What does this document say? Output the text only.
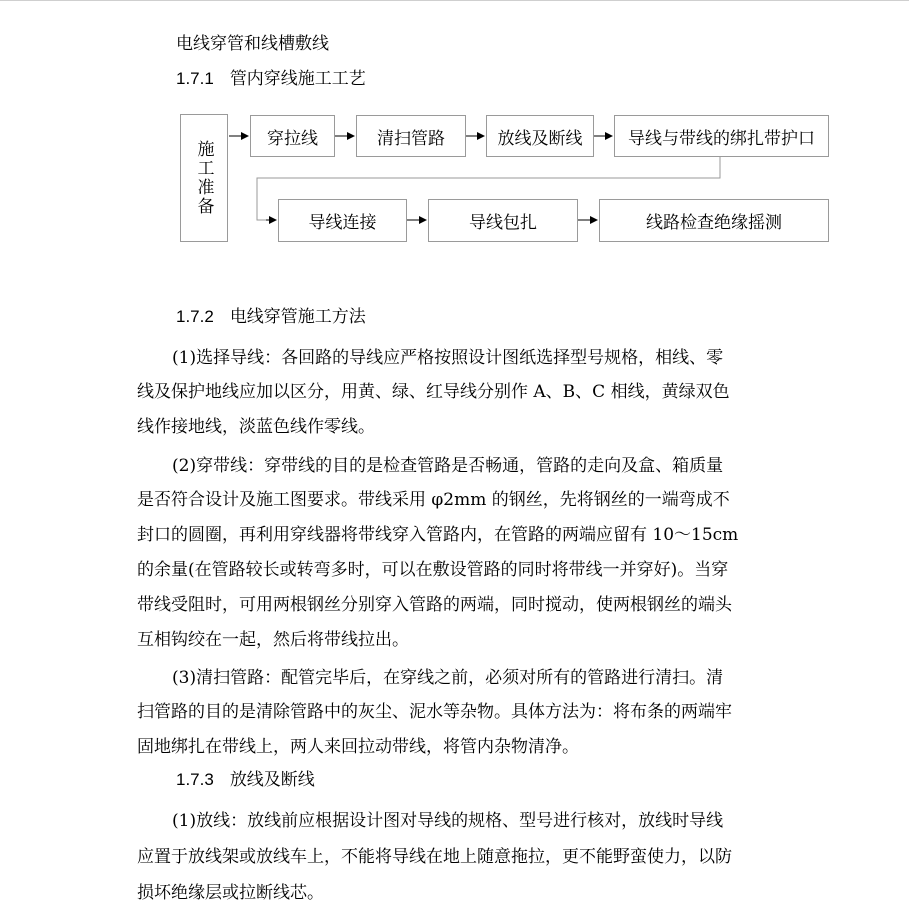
电线穿管和线槽敷线
1.7.1 管内穿线施工工艺
施工准备
穿拉线	清扫管路	放线及断线	导线与带线的绑扎带护口
导线连接	导线包扎	线路检查绝缘摇测
1.7.2 电线穿管施工方法
(1)选择导线：各回路的导线应严格按照设计图纸选择型号规格，相线、零
线及保护地线应加以区分，用黄、绿、红导线分别作 A、B、C 相线，黄绿双色
线作接地线，淡蓝色线作零线。
(2)穿带线：穿带线的目的是检查管路是否畅通，管路的走向及盒、箱质量
是否符合设计及施工图要求。带线采用 φ2mm 的钢丝，先将钢丝的一端弯成不
封口的圆圈，再利用穿线器将带线穿入管路内，在管路的两端应留有 10～15cm
的余量(在管路较长或转弯多时，可以在敷设管路的同时将带线一并穿好)。当穿
带线受阻时，可用两根钢丝分别穿入管路的两端，同时搅动，使两根钢丝的端头
互相钩绞在一起，然后将带线拉出。
(3)清扫管路：配管完毕后，在穿线之前，必须对所有的管路进行清扫。清
扫管路的目的是清除管路中的灰尘、泥水等杂物。具体方法为：将布条的两端牢
固地绑扎在带线上，两人来回拉动带线，将管内杂物清净。
1.7.3 放线及断线
(1)放线：放线前应根据设计图对导线的规格、型号进行核对，放线时导线
应置于放线架或放线车上，不能将导线在地上随意拖拉，更不能野蛮使力，以防
损坏绝缘层或拉断线芯。
